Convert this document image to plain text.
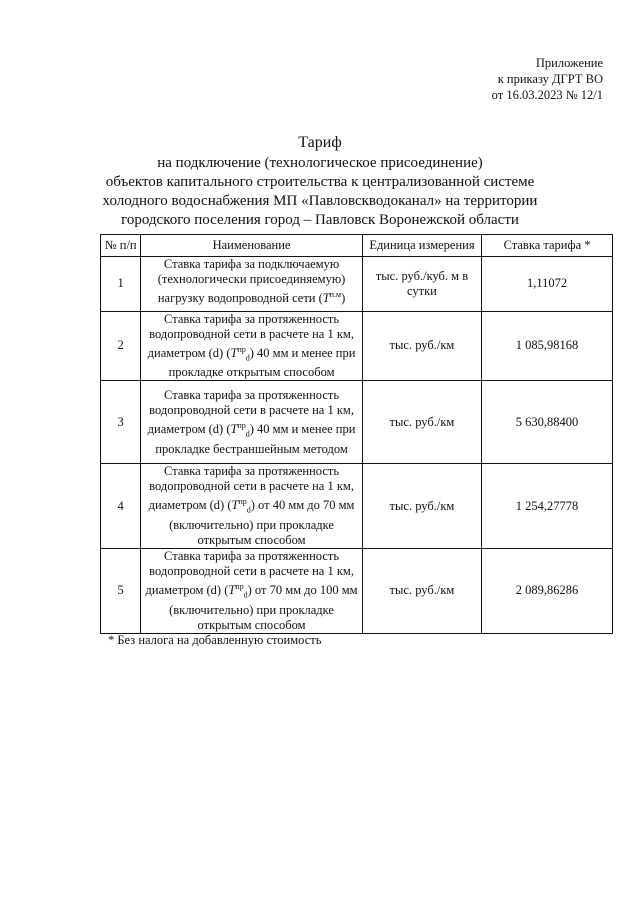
Приложение
к приказу ДГРТ ВО
от 16.03.2023 № 12/1
Тариф
на подключение (технологическое присоединение)
объектов капитального строительства к централизованной системе
холодного водоснабжения МП «Павловскводоканал» на территории
городского поселения город – Павловск Воронежской области
№ п/п	Наименование	Единица измерения	Ставка тарифа *
1	Ставка тарифа за подключаемую (технологически присоединяемую) нагрузку водопроводной сети $(Т^{п.м})$	тыс. руб./куб. м в сутки	1,11072
2	Ставка тарифа за протяженность водопроводной сети в расчете на 1 км, диаметром (d) $(Т^{пр}_d)$ 40 мм и менее при прокладке открытым способом	тыс. руб./км	1 085,98168
3	Ставка тарифа за протяженность водопроводной сети в расчете на 1 км, диаметром (d) $(Т^{пр}_d)$ 40 мм и менее при прокладке бестраншейным методом	тыс. руб./км	5 630,88400
4	Ставка тарифа за протяженность водопроводной сети в расчете на 1 км, диаметром (d) $(Т^{пр}_d)$ от 40 мм до 70 мм (включительно) при прокладке открытым способом	тыс. руб./км	1 254,27778
5	Ставка тарифа за протяженность водопроводной сети в расчете на 1 км, диаметром (d) $(Т^{пр}_d)$ от 70 мм до 100 мм (включительно) при прокладке открытым способом	тыс. руб./км	2 089,86286
* Без налога на добавленную стоимость
